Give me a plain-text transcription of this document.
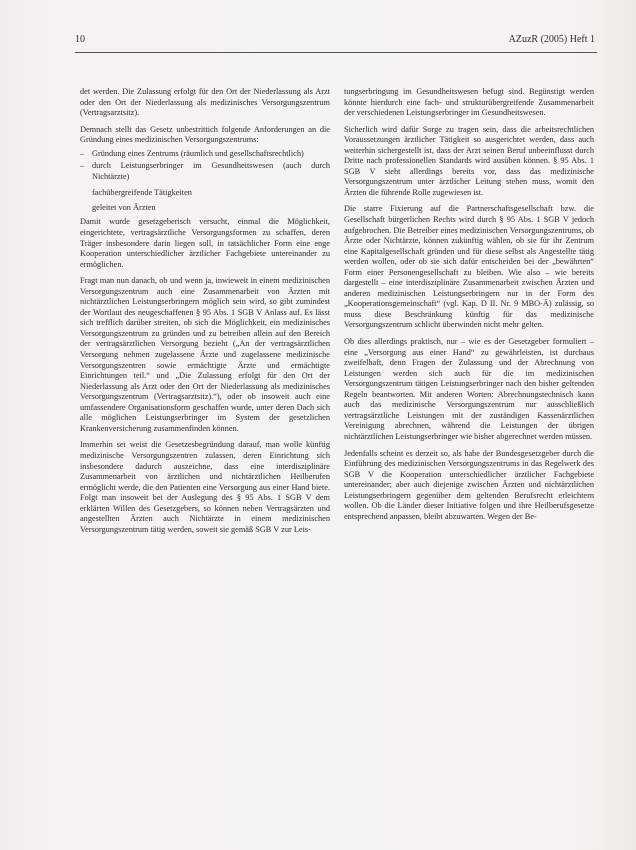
10	AZuzR (2005) Heft 1

det werden. Die Zulassung erfolgt für den Ort der Niederlassung als Arzt oder den Ort der Niederlassung als medizinisches Versorgungszentrum (Vertragsarztsitz).

Demnach stellt das Gesetz unbestrittich folgende Anforderungen an die Gründung eines medizinischen Versorgungszentrums:

– Gründung eines Zentrums (räumlich und gesellschaftsrechtlich)
– durch Leistungserbringer im Gesundheitswesen (auch durch Nichtärzte)
fachübergreifende Tätigkeiten
geleitet von Ärzten

Damit wurde gesetzgeberisch versucht, einmal die Möglichkeit, eingerichtete, vertragsärztliche Versorgungsformen zu schaffen, deren Träger insbesondere darin liegen soll, in tatsächlicher Form eine enge Kooperation unterschiedlicher ärztlicher Fachgebiete untereinander zu ermöglichen.

Fragt man nun danach, ob und wenn ja, inwieweit in einem medizinischen Versorgungszentrum auch eine Zusammenarbeit von Ärzten mit nichtärztlichen Leistungserbringern möglich sein wird, so gibt zumindest der Wortlaut des neugeschaffenen § 95 Abs. 1 SGB V Anlass auf. Es lässt sich trefflich darüber streiten, ob sich die Möglichkeit, ein medizinisches Versorgungszentrum zu gründen und zu betreiben allein auf den Bereich der vertragsärztlichen Versorgung bezieht („An der vertragsärztlichen Versorgung nehmen zugelassene Ärzte und zugelassene medizinische Versorgungszentren sowie ermächtigte Ärzte und ermächtigte Einrichtungen teil.“ und „Die Zulassung erfolgt für den Ort der Niederlassung als Arzt oder den Ort der Niederlassung als medizinisches Versorgungszentrum (Vertragsarztsitz).“), oder ob insoweit auch eine umfassendere Organisationsform geschaffen wurde, unter deren Dach sich alle möglichen Leistungserbringer im System der gesetzlichen Krankenversicherung zusammenfinden können.

Immerhin sei weist die Gesetzesbegründung darauf, man wolle künftig medizinische Versorgungszentren zulassen, deren Einrichtung sich insbesondere dadurch auszeichne, dass eine interdisziplinäre Zusammenarbeit von ärztlichen und nichtärztlichen Heilberufen ermöglicht werde, die den Patienten eine Versorgung aus einer Hand biete. Folgt man insoweit bei der Auslegung des § 95 Abs. 1 SGB V dem erklärten Willen des Gesetzgebers, so können neben Vertragsärzten und angestellten Ärzten auch Nichtärzte in einem medizinischen Versorgungszentrum tätig werden, soweit sie gemäß SGB V zur Leis-

tungserbringung im Gesundheitswesen befugt sind. Begünstigt werden könnte hierdurch eine fach- und strukturübergreifende Zusammenarbeit der verschiedenen Leistungserbringer im Gesundheitswesen.

Sicherlich wird dafür Sorge zu tragen sein, dass die arbeitsrechtlichen Voraussetzungen ärztlicher Tätigkeit so ausgerichtet werden, dass auch weiterhin sichergestellt ist, dass der Arzt seinen Beruf unbeeinflusst durch Dritte nach professionellen Standards wird ausüben können. § 95 Abs. 1 SGB V sieht allerdings bereits vor, dass das medizinische Versorgungszentrum unter ärztlicher Leitung stehen muss, womit den Ärzten die führende Rolle zugewiesen ist.

Die starre Fixierung auf die Partnerschaftsgesellschaft bzw. die Gesellschaft bürgerlichen Rechts wird durch § 95 Abs. 1 SGB V jedoch aufgebrochen. Die Betreiber eines medizinischen Versorgungszentrums, ob Ärzte oder Nichtärzte, können zukünftig wählen, ob sie für ihr Zentrum eine Kapitalgesellschaft gründen und für diese selbst als Angestellte tätig werden wollen, oder ob sie sich dafür entscheiden bei der „bewährten“ Form einer Personengesellschaft zu bleiben. Wie also – wie bereits dargestellt – eine interdisziplinäre Zusammenarbeit zwischen Ärzten und anderen medizinischen Leistungserbringern nur in der Form des „Kooperationsgemeinschaft“ (vgl. Kap. D II. Nr. 9 MBO-Ä) zulässig, so muss diese Beschränkung künftig für das medizinische Versorgungszentrum schlicht überwinden nicht mehr gelten.

Ob dies allerdings praktisch, nur – wie es der Gesetzgeber formuliert – eine „Versorgung aus einer Hand“ zu gewährleisten, ist durchaus zweifelhaft, denn Fragen der Zulassung und der Abrechnung von Leistungen werden sich auch für die im medizinischen Versorgungszentrum tätigen Leistungserbringer nach den bisher geltenden Regeln beantworten. Mit anderen Worten: Abrechnungstechnisch kann auch das medizinische Versorgungszentrum nur ausschließlich vertragsärztliche Leistungen mit der zuständigen Kassenärztlichen Vereinigung abrechnen, während die Leistungen der übrigen nichtärztlichen Leistungserbringer wie bisher abgerechnet werden müssen.

Jedenfalls scheint es derzeit so, als habe der Bundesgesetzgeber durch die Einführung des medizinischen Versorgungszentrums in das Regelwerk des SGB V die Kooperation unterschiedlicher ärztlicher Fachgebiete untereinander; aber auch diejenige zwischen Ärzten und nichtärztlichen Leistungserbringern gegenüber dem geltenden Berufsrecht erleichtern wollen. Ob die Länder dieser Initiative folgen und ihre Heilberufsgesetze entsprechend anpassen, bleibt abzuwarten. Wegen der Be-
